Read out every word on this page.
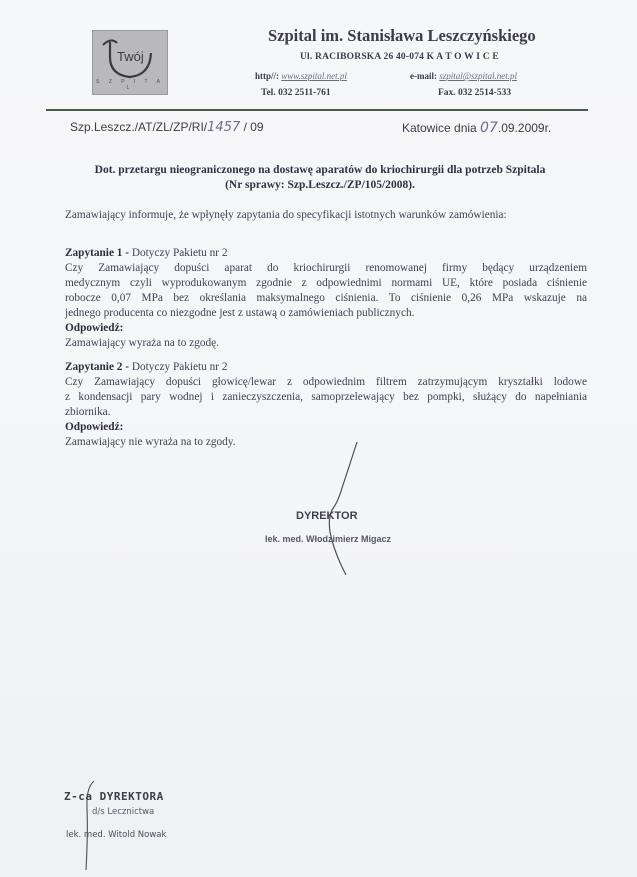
Twój
S Z P I T A L
Szpital im. Stanisława Leszczyńskiego
Ul. RACIBORSKA 26 40-074 K A T O W I C E
http//: www.szpital.net.pl	e-mail: szpital@szpital.net.pl
Tel. 032 2511-761	Fax. 032 2514-533
Szp.Leszcz./AT/ZL/ZP/RI/1457 / 09	Katowice dnia 07.09.2009r.
Dot. przetargu nieograniczonego na dostawę aparatów do kriochirurgii dla potrzeb Szpitala
(Nr sprawy: Szp.Leszcz./ZP/105/2008).

Zamawiający informuje, że wpłynęły zapytania do specyfikacji istotnych warunków zamówienia:

Zapytanie 1 - Dotyczy Pakietu nr 2

Czy Zamawiający dopuści aparat do kriochirurgii renomowanej firmy będący urządzeniem

medycznym czyli wyprodukowanym zgodnie z odpowiednimi normami UE, które posiada ciśnienie

robocze 0,07 MPa bez określania maksymalnego ciśnienia. To ciśnienie 0,26 MPa wskazuje na

jednego producenta co niezgodne jest z ustawą o zamówieniach publicznych.

Odpowiedź:

Zamawiający wyraża na to zgodę.

Zapytanie 2 - Dotyczy Pakietu nr 2

Czy Zamawiający dopuści głowicę/lewar z odpowiednim filtrem zatrzymującym kryształki lodowe

z kondensacji pary wodnej i zanieczyszczenia, samoprzelewający bez pompki, służący do napełniania

zbiornika.

Odpowiedź:

Zamawiający nie wyraża na to zgody.

DYREKTOR
lek. med. Włodzimierz Migacz
Z-ca DYREKTORA
d/s Lecznictwa
lek. med. Witold Nowak
